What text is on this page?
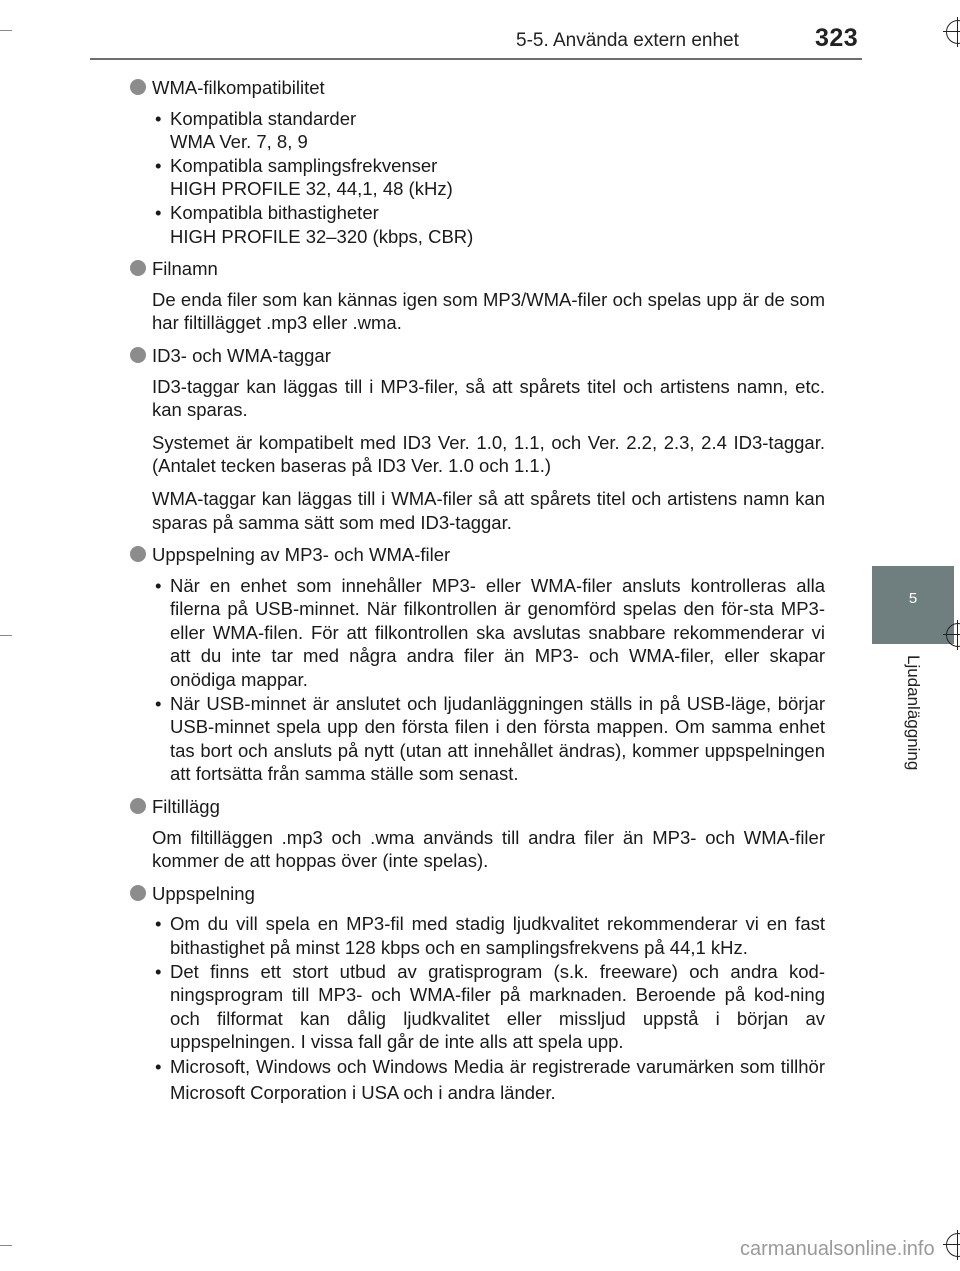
5-5. Använda extern enhet	323
5
Ljudanläggning
WMA-filkompatibilitet
• Kompatibla standarder
WMA Ver. 7, 8, 9
• Kompatibla samplingsfrekvenser
HIGH PROFILE 32, 44,1, 48 (kHz)
• Kompatibla bithastigheter
HIGH PROFILE 32–320 (kbps, CBR)
Filnamn
De enda filer som kan kännas igen som MP3/WMA-filer och spelas upp är de som har filtillägget .mp3 eller .wma.
ID3- och WMA-taggar
ID3-taggar kan läggas till i MP3-filer, så att spårets titel och artistens namn, etc. kan sparas.
Systemet är kompatibelt med ID3 Ver. 1.0, 1.1, och Ver. 2.2, 2.3, 2.4 ID3-taggar. (Antalet tecken baseras på ID3 Ver. 1.0 och 1.1.)
WMA-taggar kan läggas till i WMA-filer så att spårets titel och artistens namn kan sparas på samma sätt som med ID3-taggar.
Uppspelning av MP3- och WMA-filer
• När en enhet som innehåller MP3- eller WMA-filer ansluts kontrolleras alla filerna på USB-minnet. När filkontrollen är genomförd spelas den för-sta MP3- eller WMA-filen. För att filkontrollen ska avslutas snabbare rekommenderar vi att du inte tar med några andra filer än MP3- och WMA-filer, eller skapar onödiga mappar.
• När USB-minnet är anslutet och ljudanläggningen ställs in på USB-läge, börjar USB-minnet spela upp den första filen i den första mappen. Om samma enhet tas bort och ansluts på nytt (utan att innehållet ändras), kommer uppspelningen att fortsätta från samma ställe som senast.
Filtillägg
Om filtilläggen .mp3 och .wma används till andra filer än MP3- och WMA-filer kommer de att hoppas över (inte spelas).
Uppspelning
• Om du vill spela en MP3-fil med stadig ljudkvalitet rekommenderar vi en fast bithastighet på minst 128 kbps och en samplingsfrekvens på 44,1 kHz.
• Det finns ett stort utbud av gratisprogram (s.k. freeware) och andra kod-ningsprogram till MP3- och WMA-filer på marknaden. Beroende på kod-ning och filformat kan dålig ljudkvalitet eller missljud uppstå i början av uppspelningen. I vissa fall går de inte alls att spela upp.
• Microsoft, Windows och Windows Media är registrerade varumärken som tillhör Microsoft Corporation i USA och i andra länder.
carmanualsonline.info
